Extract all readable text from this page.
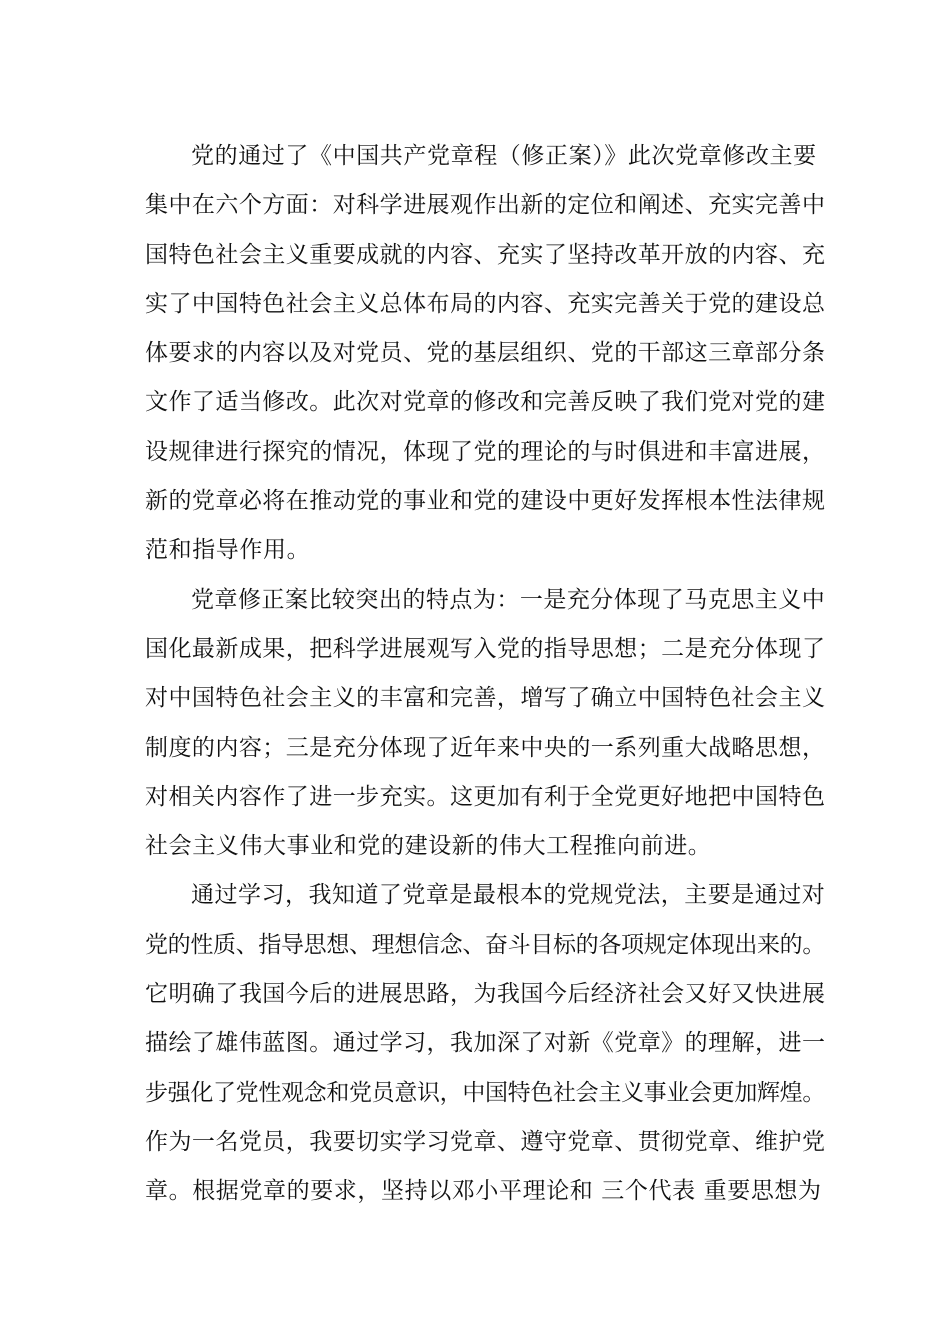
党的通过了《中国共产党章程（修正案）》此次党章修改主要
集中在六个方面：对科学进展观作出新的定位和阐述、充实完善中
国特色社会主义重要成就的内容、充实了坚持改革开放的内容、充
实了中国特色社会主义总体布局的内容、充实完善关于党的建设总
体要求的内容以及对党员、党的基层组织、党的干部这三章部分条
文作了适当修改。此次对党章的修改和完善反映了我们党对党的建
设规律进行探究的情况，体现了党的理论的与时俱进和丰富进展，
新的党章必将在推动党的事业和党的建设中更好发挥根本性法律规
范和指导作用。
党章修正案比较突出的特点为：一是充分体现了马克思主义中
国化最新成果，把科学进展观写入党的指导思想；二是充分体现了
对中国特色社会主义的丰富和完善，增写了确立中国特色社会主义
制度的内容；三是充分体现了近年来中央的一系列重大战略思想，
对相关内容作了进一步充实。这更加有利于全党更好地把中国特色
社会主义伟大事业和党的建设新的伟大工程推向前进。
通过学习，我知道了党章是最根本的党规党法，主要是通过对
党的性质、指导思想、理想信念、奋斗目标的各项规定体现出来的。
它明确了我国今后的进展思路，为我国今后经济社会又好又快进展
描绘了雄伟蓝图。通过学习，我加深了对新《党章》的理解，进一
步强化了党性观念和党员意识，中国特色社会主义事业会更加辉煌。
作为一名党员，我要切实学习党章、遵守党章、贯彻党章、维护党
章。根据党章的要求，坚持以邓小平理论和 三个代表 重要思想为
